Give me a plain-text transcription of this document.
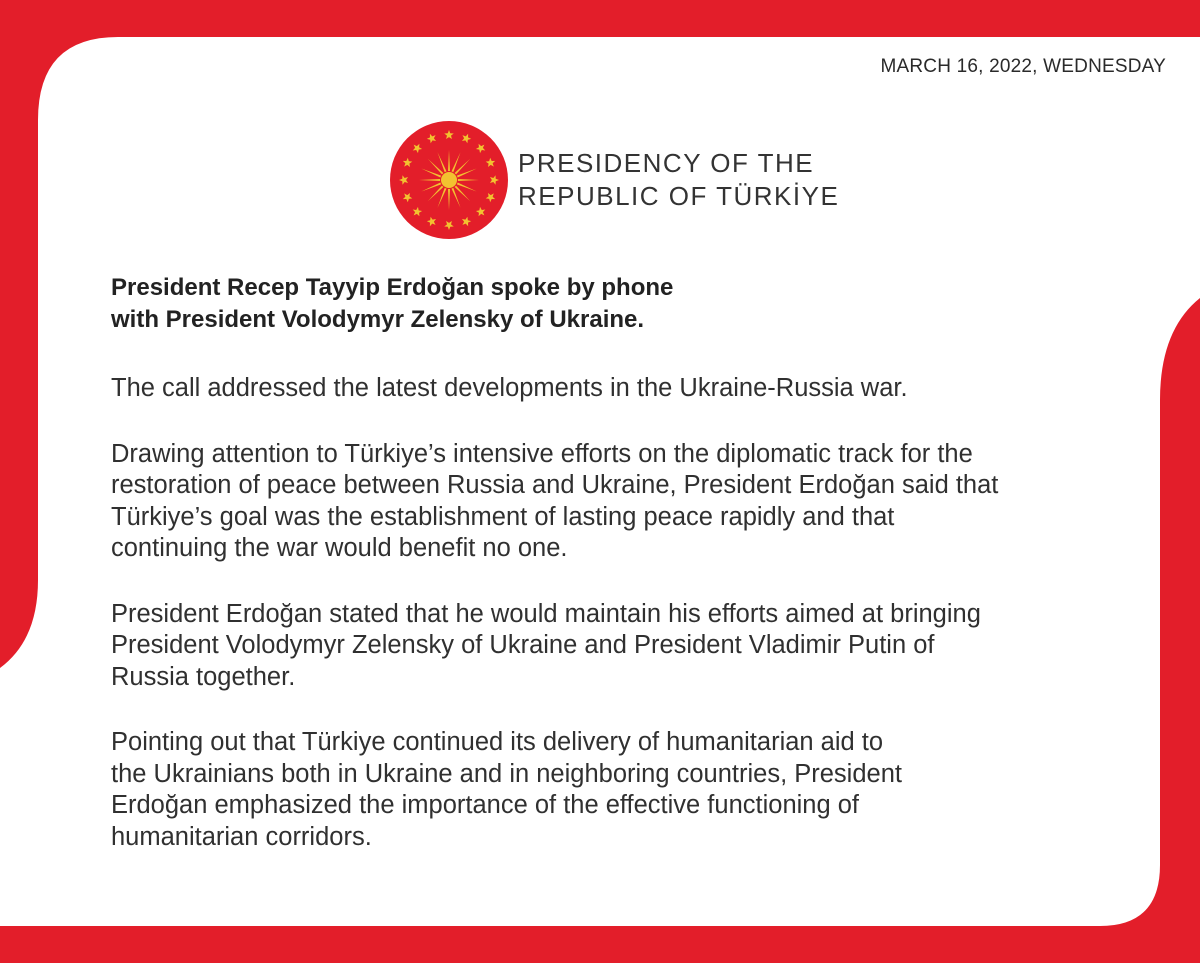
MARCH 16, 2022, WEDNESDAY
PRESIDENCY OF THE
REPUBLIC OF TÜRKİYE
President Recep Tayyip Erdoğan spoke by phone
with President Volodymyr Zelensky of Ukraine.
The call addressed the latest developments in the Ukraine-Russia war.
Drawing attention to Türkiye’s intensive efforts on the diplomatic track for the
restoration of peace between Russia and Ukraine, President Erdoğan said that
Türkiye’s goal was the establishment of lasting peace rapidly and that
continuing the war would benefit no one.
President Erdoğan stated that he would maintain his efforts aimed at bringing
President Volodymyr Zelensky of Ukraine and President Vladimir Putin of
Russia together.
Pointing out that Türkiye continued its delivery of humanitarian aid to
the Ukrainians both in Ukraine and in neighboring countries, President
Erdoğan emphasized the importance of the effective functioning of
humanitarian corridors.
